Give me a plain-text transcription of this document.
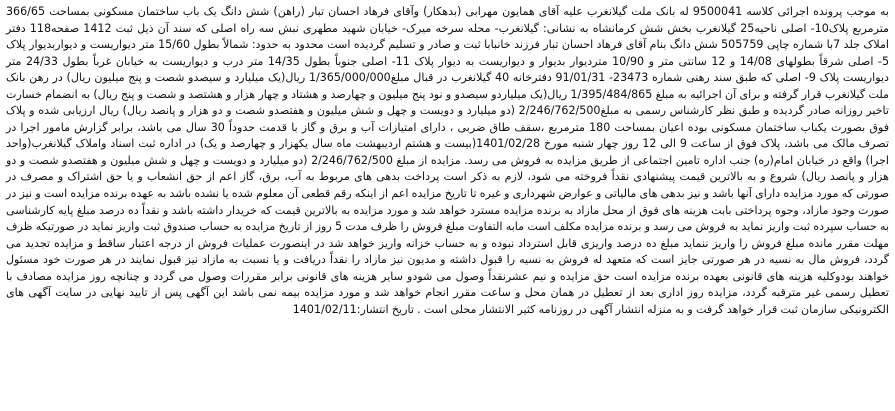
به موجب پرونده اجرائی کلاسه 9500041 له بانک ملت گیلانغرب علیه آقای همایون مهرابی (بدهکار) وآقای فرهاد احسان تبار (راهن) شش دانگ یک باب ساختمان مسکونی بمساحت 366/65 مترمربع پلاک10- اصلی ناحیه25 گیلانغرب بخش شش کرمانشاه به نشانی: گیلانغرب- محله سرخه میرک- خیابان شهید مطهری نبش سه راه اصلی که سند آن ذیل ثبت 1412 صفحه118 دفتر املاک جلد 7با شماره چاپی 505759 شش دانگ بنام آقای فرهاد احسان تبار فرزند خانبابا ثبت و صادر و تسلیم گردیده است محدود به حدود: شمالاً بطول 15/60 متر دیواریست و دیواربدیوار پلاک 5- اصلی شرقاً بطولهای 14/08 و 12 سانتی متر و 10/90 متردیوار بدیوار و دیواریست به دیوار پلاک 11- اصلی جنوباً بطول 14/35 متر درب و دیواریست به خیابان غرباً بطول 24/33 متر دیواریست پلاک 9- اصلی که طبق سند رهنی شماره 23473- 91/01/31 دفترخانه 40 گیلانغرب در قبال مبلغ1/365/000/000 ریال(یک میلیارد و سیصدو شصت و پنج میلیون ریال) در رهن بانک ملت گیلانغرب قرار گرفته و برای آن اجرائیه به مبلغ 1/395/484/865 ریال(یک میلیاردو سیصدو و نود پنج میلیون و چهارصد و هشتاد و چهار هزار و هشتصد و شصت و پنج ریال) به انضمام خسارت تاخیر روزانه صادر گردیده و طبق نظر کارشناس رسمی به مبلغ2/246/762/500 (دو میلیارد و دویست و چهل و شش میلیون و هفتصدو شصت و دو هزار و پانصد ریال) ریال ارزیابی شده و پلاک فوق بصورت یکباب ساختمان مسکونی بوده اعیان بمساحت 180 مترمربع ،سقف طاق ضربی ، دارای امتیازات آب و برق و گاز با قدمت حدوداً 30 سال می باشد، برابر گزارش مامور اجرا در تصرف مالک می باشد، پلاک فوق از ساعت 9 الی 12 روز چهار شنبه مورخ 1401/02/28(بیست و هشتم اردیبهشت ماه سال یکهزار و چهارصد و یک) در اداره ثبت اسناد واملاک گیلانغرب(واحد اجرا) واقع در خیابان امام(ره) جنب اداره تامین اجتماعی از طریق مزایده به فروش می رسد. مزایده از مبلغ 2/246/762/500 (دو میلیارد و دویست و چهل و شش میلیون و هفتصدو شصت و دو هزار و پانصد ریال) شروع و به بالاترین قیمت پیشنهادی نقداً فروخته می شود، لازم به ذکر است پرداخت بدهی های مربوط به آب، برق، گاز اعم از حق انشعاب و یا حق اشتراک و مصرف در صورتی که مورد مزایده دارای آنها باشد و نیز بدهی های مالیاتی و عوارض شهرداری و غیره تا تاریخ مزایده اعم از اینکه رقم قطعی آن معلوم شده یا نشده باشد به عهده برنده مزایده است و نیز در صورت وجود مازاد، وجوه پرداختی بابت هزینه های فوق از محل مازاد به برنده مزایده مسترد خواهد شد و مورد مزایده به بالاترین قیمت که خریدار داشته باشد و نقداً ده درصد مبلغ پایه کارشناسی به حساب سپرده ثبت واریز نماید به فروش می رسد و برنده مزایده مکلف است مابه التفاوت مبلغ فروش را ظرف مدت 5 روز از تاریخ مزایده به حساب صندوق ثبت واریز نماید در صورتیکه ظرف مهلت مقرر مانده مبلغ فروش را واریز ننماید مبلغ ده درصد واریزی قابل استرداد نبوده و به حساب خزانه واریز خواهد شد در اینصورت عملیات فروش از درجه اعتبار ساقط و مزایده تجدید می گردد، فروش مال به نسیه در هر صورتی جایز است که متعهد له فروش به نسیه را قبول داشته و مدیون نیز مازاد را نقداً دریافت و یا نسبت به مازاد نیز قبول نمایند در هر صورت خود مسئول خواهند بودوکلیه هزینه های قانونی بعهده برنده مزایده است حق مزایده و نیم عشرنقداً وصول می شودو سایر هزینه های قانونی برابر مقررات وصول می گردد و چنانچه روز مزایده مصادف با تعطیل رسمی غیر مترقبه گردد، مزایده روز اداری بعد از تعطیل در همان محل و ساعت مقرر انجام خواهد شد و مورد مزایده بیمه نمی باشد این آگهی پس از تایید نهایی در سایت آگهی های الکترونیکی سازمان ثبت قرار خواهد گرفت و به منزله انتشار آگهی در روزنامه کثیر الانتشار محلی است . تاریخ انتشار:1401/02/11
